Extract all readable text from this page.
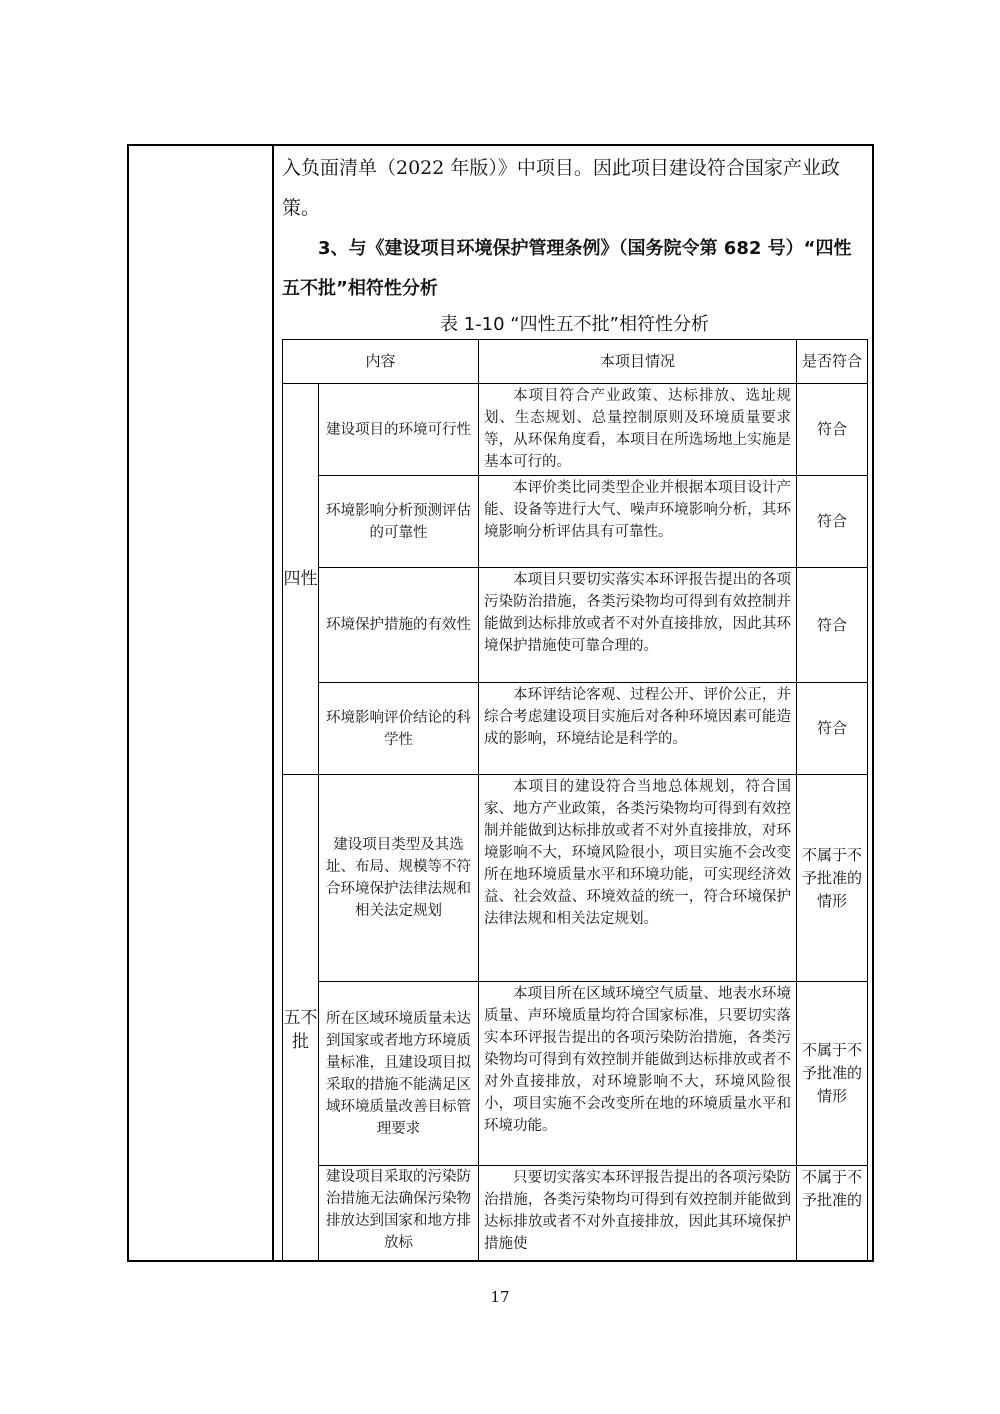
入负面清单（2022 年版）》中项目。因此项目建设符合国家产业政策。

3、与《建设项目环境保护管理条例》（国务院令第 682 号）“四性五不批”相符性分析

表 1-10 “四性五不批”相符性分析

内容		本项目情况	是否符合
四性	建设项目的环境可行性	本项目符合产业政策、达标排放、选址规划、生态规划、总量控制原则及环境质量要求等，从环保角度看，本项目在所选场地上实施是基本可行的。	符合
	环境影响分析预测评估的可靠性	本评价类比同类型企业并根据本项目设计产能、设备等进行大气、噪声环境影响分析，其环境影响分析评估具有可靠性。	符合
	环境保护措施的有效性	本项目只要切实落实本环评报告提出的各项污染防治措施，各类污染物均可得到有效控制并能做到达标排放或者不对外直接排放，因此其环境保护措施使可靠合理的。	符合
	环境影响评价结论的科学性	本环评结论客观、过程公开、评价公正，并综合考虑建设项目实施后对各种环境因素可能造成的影响，环境结论是科学的。	符合
五不批	建设项目类型及其选址、布局、规模等不符合环境保护法律法规和相关法定规划	本项目的建设符合当地总体规划，符合国家、地方产业政策，各类污染物均可得到有效控制并能做到达标排放或者不对外直接排放，对环境影响不大，环境风险很小，项目实施不会改变所在地环境质量水平和环境功能，可实现经济效益、社会效益、环境效益的统一，符合环境保护法律法规和相关法定规划。	不属于不予批准的情形
	所在区域环境质量未达到国家或者地方环境质量标准，且建设项目拟采取的措施不能满足区域环境质量改善目标管理要求	本项目所在区域环境空气质量、地表水环境质量、声环境质量均符合国家标准，只要切实落实本环评报告提出的各项污染防治措施，各类污染物均可得到有效控制并能做到达标排放或者不对外直接排放，对环境影响不大，环境风险很小，项目实施不会改变所在地的环境质量水平和环境功能。	不属于不予批准的情形
	建设项目采取的污染防治措施无法确保污染物排放达到国家和地方排放标	只要切实落实本环评报告提出的各项污染防治措施，各类污染物均可得到有效控制并能做到达标排放或者不对外直接排放，因此其环境保护措施使	不属于不予批准的
17
